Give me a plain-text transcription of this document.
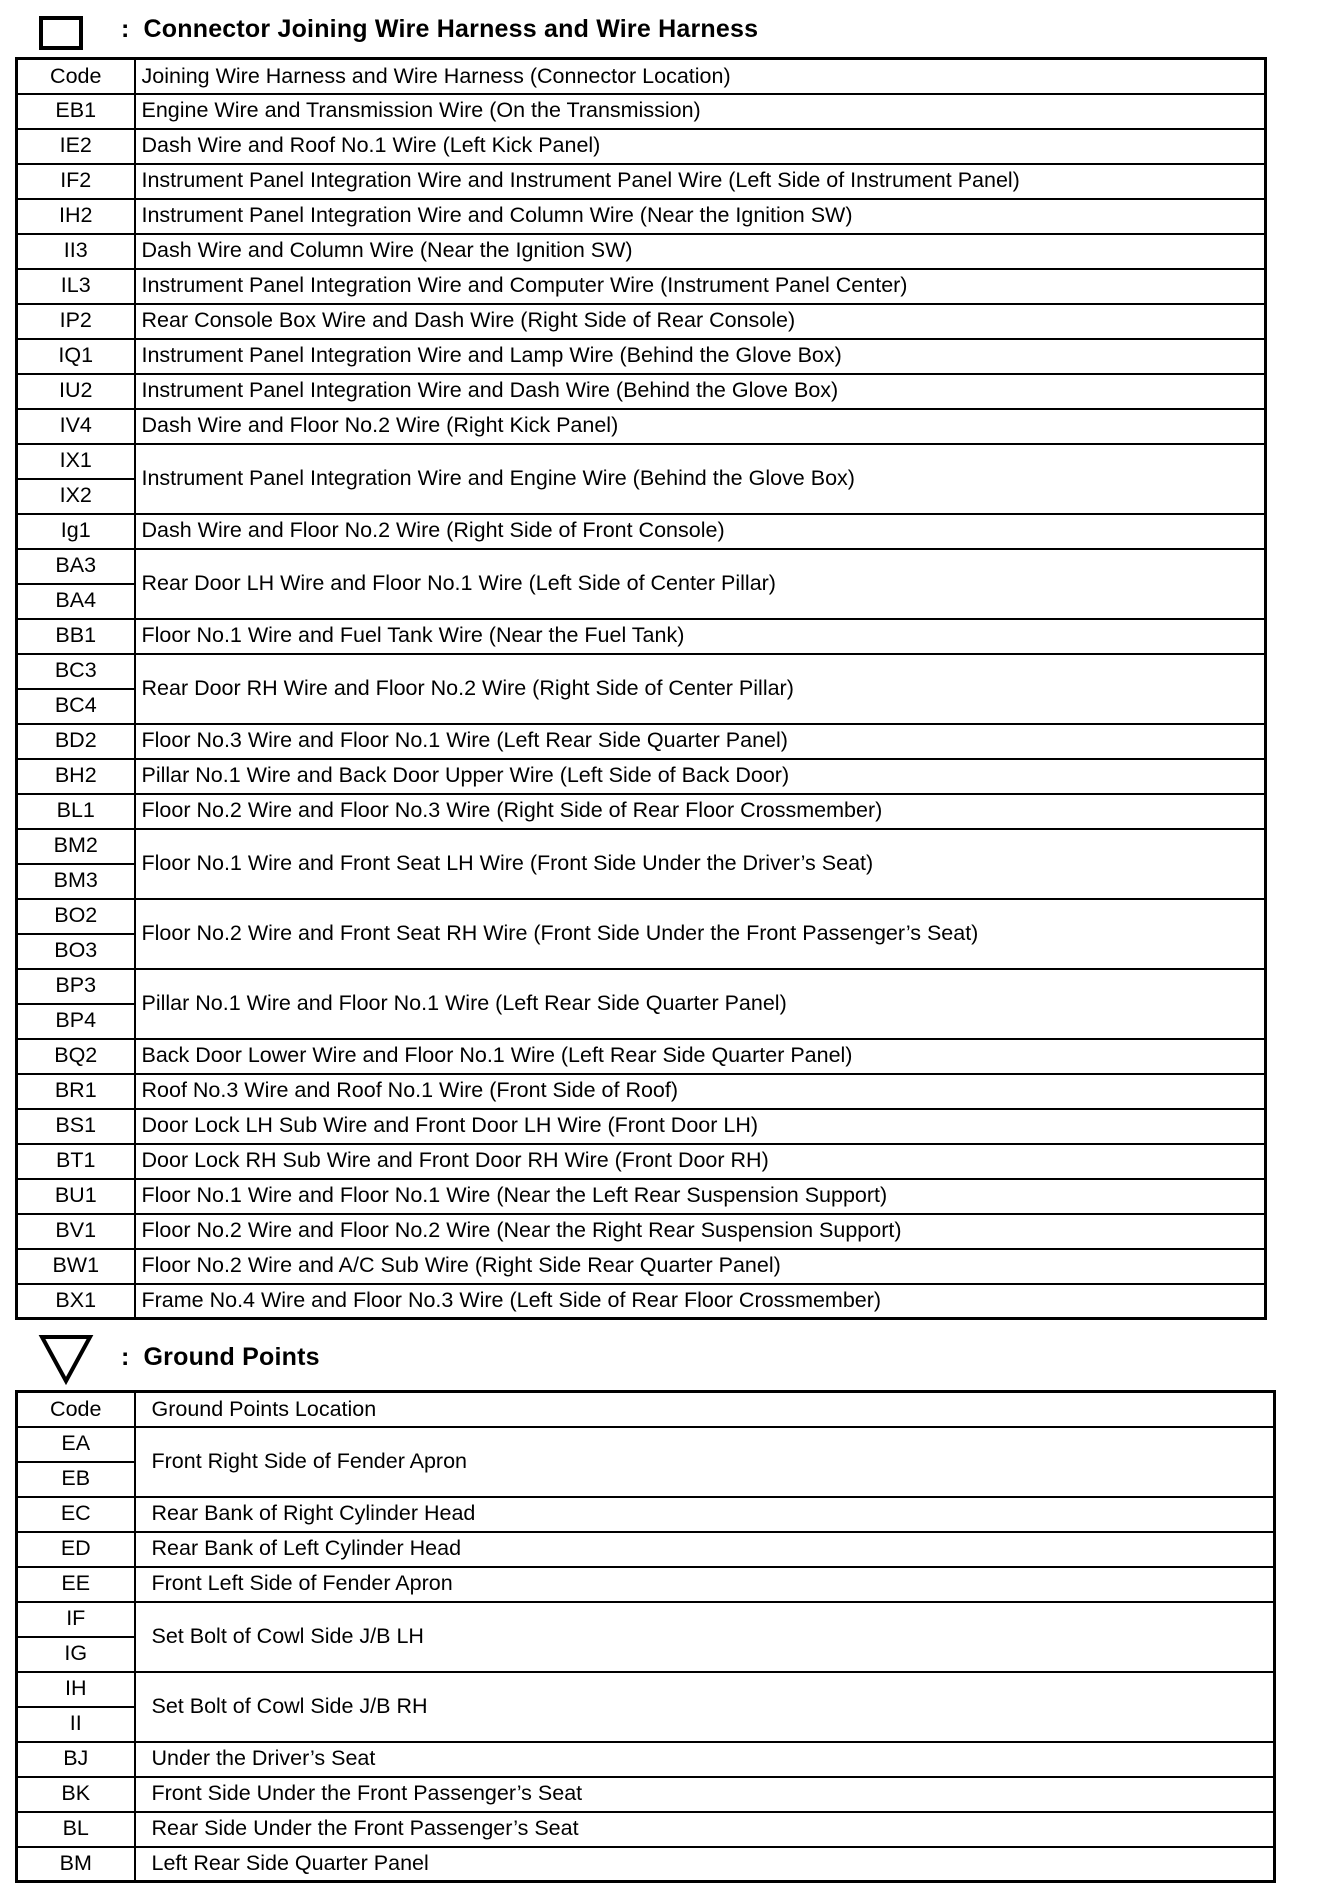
: Connector Joining Wire Harness and Wire Harness
Code	Joining Wire Harness and Wire Harness (Connector Location)
EB1	Engine Wire and Transmission Wire (On the Transmission)
IE2	Dash Wire and Roof No.1 Wire (Left Kick Panel)
IF2	Instrument Panel Integration Wire and Instrument Panel Wire (Left Side of Instrument Panel)
IH2	Instrument Panel Integration Wire and Column Wire (Near the Ignition SW)
II3	Dash Wire and Column Wire (Near the Ignition SW)
IL3	Instrument Panel Integration Wire and Computer Wire (Instrument Panel Center)
IP2	Rear Console Box Wire and Dash Wire (Right Side of Rear Console)
IQ1	Instrument Panel Integration Wire and Lamp Wire (Behind the Glove Box)
IU2	Instrument Panel Integration Wire and Dash Wire (Behind the Glove Box)
IV4	Dash Wire and Floor No.2 Wire (Right Kick Panel)
IX1	Instrument Panel Integration Wire and Engine Wire (Behind the Glove Box)
IX2	
Ig1	Dash Wire and Floor No.2 Wire (Right Side of Front Console)
BA3	Rear Door LH Wire and Floor No.1 Wire (Left Side of Center Pillar)
BA4	
BB1	Floor No.1 Wire and Fuel Tank Wire (Near the Fuel Tank)
BC3	Rear Door RH Wire and Floor No.2 Wire (Right Side of Center Pillar)
BC4	
BD2	Floor No.3 Wire and Floor No.1 Wire (Left Rear Side Quarter Panel)
BH2	Pillar No.1 Wire and Back Door Upper Wire (Left Side of Back Door)
BL1	Floor No.2 Wire and Floor No.3 Wire (Right Side of Rear Floor Crossmember)
BM2	Floor No.1 Wire and Front Seat LH Wire (Front Side Under the Driver’s Seat)
BM3	
BO2	Floor No.2 Wire and Front Seat RH Wire (Front Side Under the Front Passenger’s Seat)
BO3	
BP3	Pillar No.1 Wire and Floor No.1 Wire (Left Rear Side Quarter Panel)
BP4	
BQ2	Back Door Lower Wire and Floor No.1 Wire (Left Rear Side Quarter Panel)
BR1	Roof No.3 Wire and Roof No.1 Wire (Front Side of Roof)
BS1	Door Lock LH Sub Wire and Front Door LH Wire (Front Door LH)
BT1	Door Lock RH Sub Wire and Front Door RH Wire (Front Door RH)
BU1	Floor No.1 Wire and Floor No.1 Wire (Near the Left Rear Suspension Support)
BV1	Floor No.2 Wire and Floor No.2 Wire (Near the Right Rear Suspension Support)
BW1	Floor No.2 Wire and A/C Sub Wire (Right Side Rear Quarter Panel)
BX1	Frame No.4 Wire and Floor No.3 Wire (Left Side of Rear Floor Crossmember)
: Ground Points
Code	Ground Points Location
EA	Front Right Side of Fender Apron
EB	
EC	Rear Bank of Right Cylinder Head
ED	Rear Bank of Left Cylinder Head
EE	Front Left Side of Fender Apron
IF	Set Bolt of Cowl Side J/B LH
IG	
IH	Set Bolt of Cowl Side J/B RH
II	
BJ	Under the Driver’s Seat
BK	Front Side Under the Front Passenger’s Seat
BL	Rear Side Under the Front Passenger’s Seat
BM	Left Rear Side Quarter Panel
